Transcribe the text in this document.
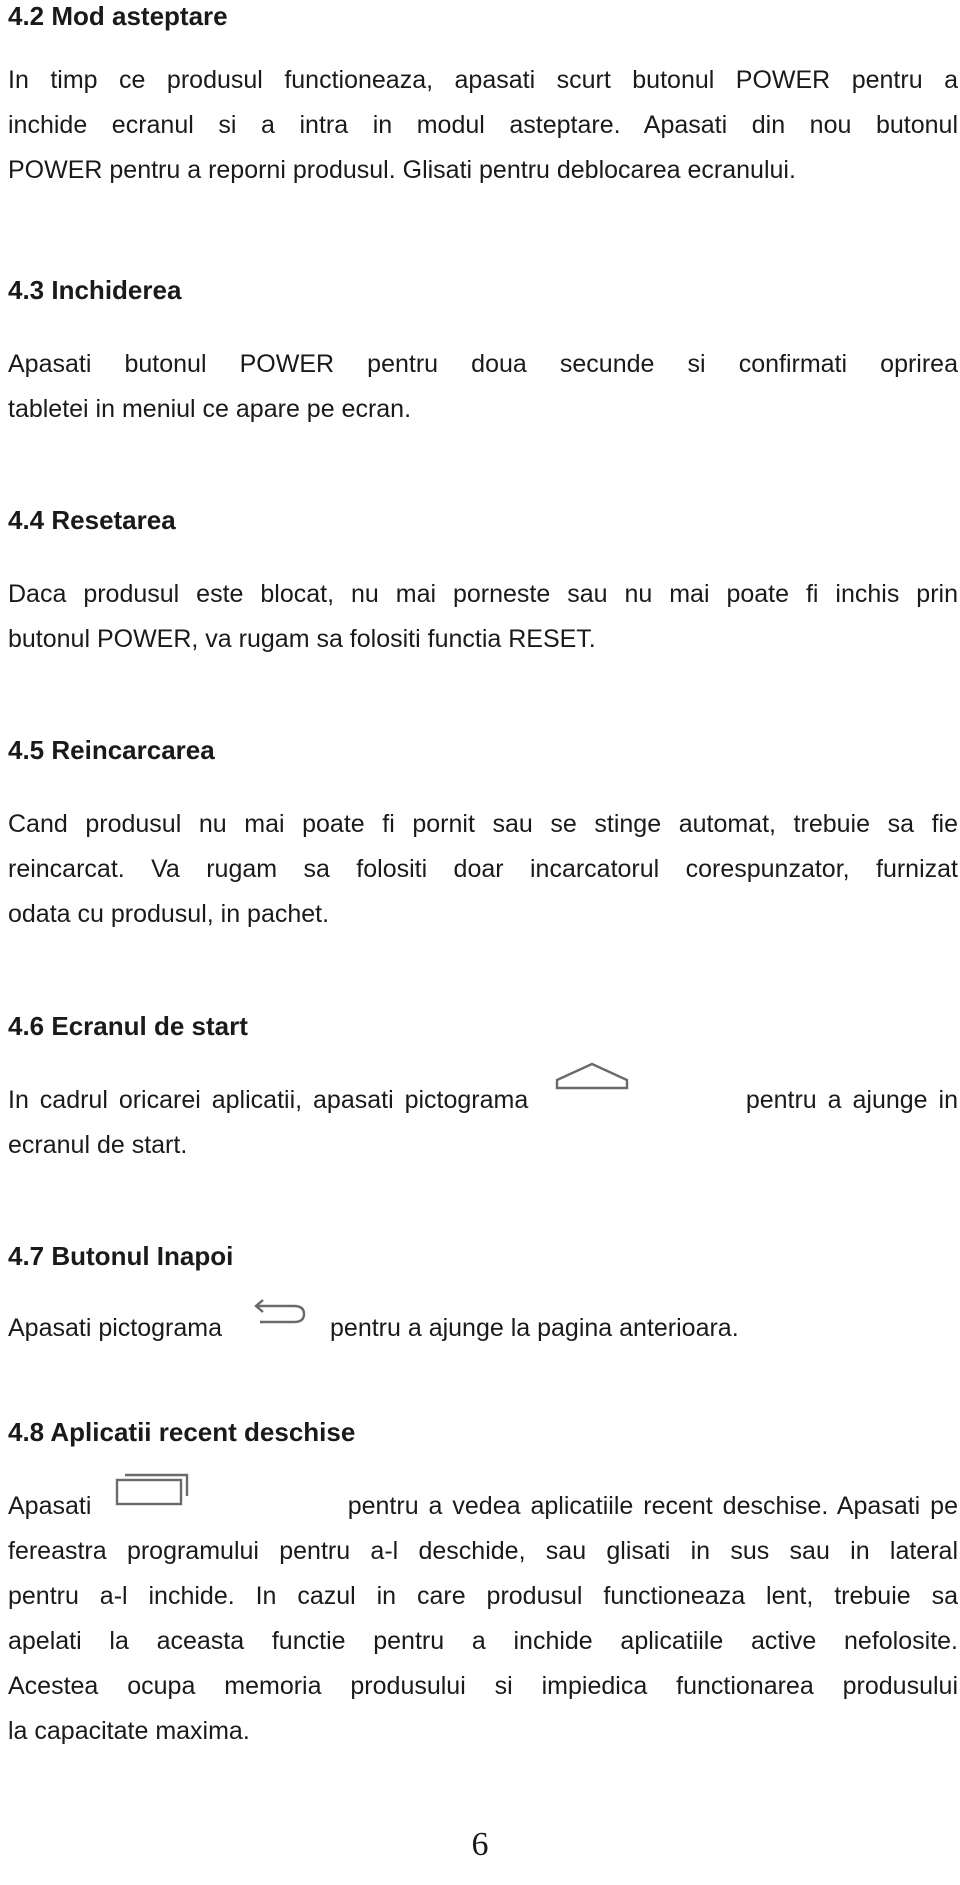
4.2 Mod asteptare
In timp ce produsul functioneaza, apasati scurt butonul POWER pentru a
inchide ecranul si a intra in modul asteptare. Apasati din nou butonul
POWER pentru a reporni produsul. Glisati pentru deblocarea ecranului.
4.3 Inchiderea
Apasati butonul POWER pentru doua secunde si confirmati oprirea
tabletei in meniul ce apare pe ecran.
4.4 Resetarea
Daca produsul este blocat, nu mai porneste sau nu mai poate fi inchis prin
butonul POWER, va rugam sa folositi functia RESET.
4.5 Reincarcarea
Cand produsul nu mai poate fi pornit sau se stinge automat, trebuie sa fie
reincarcat. Va rugam sa folositi doar incarcatorul corespunzator, furnizat
odata cu produsul, in pachet.
4.6 Ecranul de start
In cadrul oricarei aplicatii, apasati pictograma	pentru a ajunge in
ecranul de start.
4.7 Butonul Inapoi
Apasati pictograma	pentru a ajunge la pagina anterioara.
4.8 Aplicatii recent deschise
Apasati	pentru a vedea aplicatiile recent deschise. Apasati pe
fereastra programului pentru a-l deschide, sau glisati in sus sau in lateral
pentru a-l inchide. In cazul in care produsul functioneaza lent, trebuie sa
apelati la aceasta functie pentru a inchide aplicatiile active nefolosite.
Acestea ocupa memoria produsului si impiedica functionarea produsului
la capacitate maxima.
6
